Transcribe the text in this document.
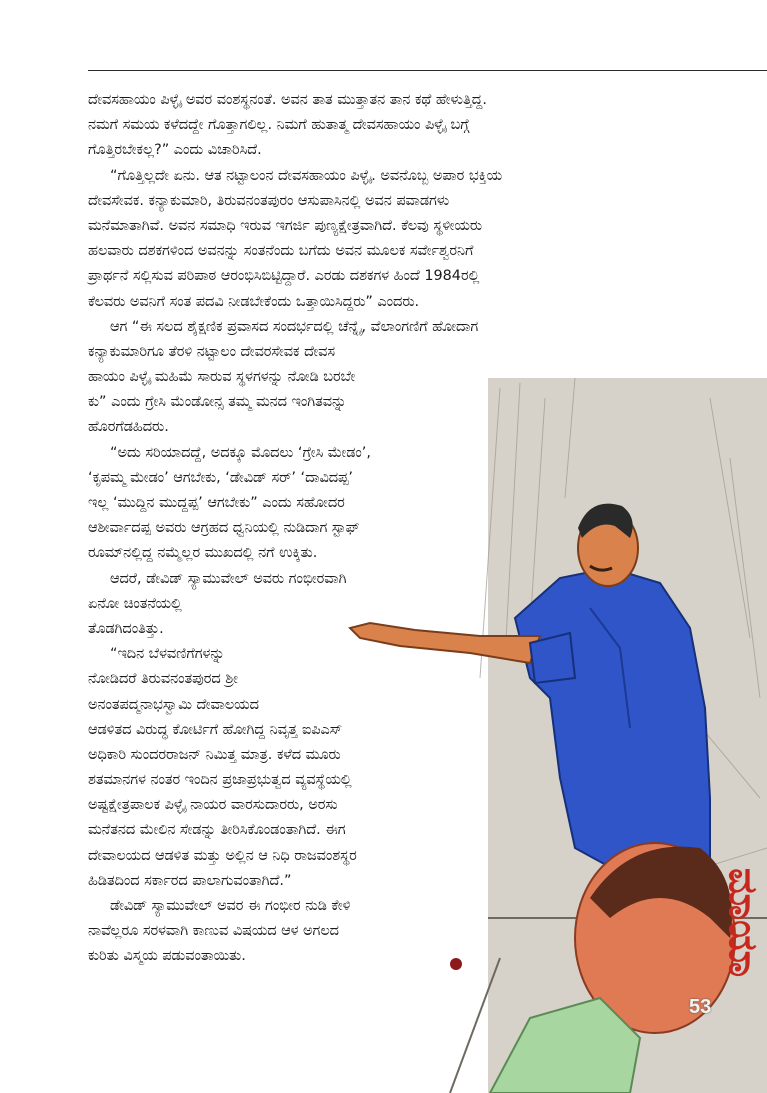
ದೇವಸಹಾಯಂ ಪಿಳ್ಳೈ ಅವರ ವಂಶಸ್ಥನಂತೆ. ಅವನ ತಾತ ಮುತ್ತಾತನ ತಾನ ಕಥೆ ಹೇಳುತ್ತಿದ್ದ.
ನಮಗೆ ಸಮಯ ಕಳೆದದ್ದೇ ಗೊತ್ತಾಗಲಿಲ್ಲ. ನಿಮಗೆ ಹುತಾತ್ಮ ದೇವಸಹಾಯಂ ಪಿಳ್ಳೈ ಬಗ್ಗೆ
ಗೊತ್ತಿರಬೇಕಲ್ಲ?” ಎಂದು ವಿಚಾರಿಸಿದೆ.
“ಗೊತ್ತಿಲ್ಲದೇ ಏನು. ಆತ ನಟ್ಟಾಲಂನ ದೇವಸಹಾಯಂ ಪಿಳ್ಳೈ. ಅವನೊಬ್ಬ ಅಪಾರ ಭಕ್ತಿಯ
ದೇವಸೇವಕ. ಕನ್ಯಾಕುಮಾರಿ, ತಿರುವನಂತಪುರಂ ಆಸುಪಾಸಿನಲ್ಲಿ ಅವನ ಪವಾಡಗಳು
ಮನೆಮಾತಾಗಿವೆ. ಅವನ ಸಮಾಧಿ ಇರುವ ಇಗರ್ಜಿ ಪುಣ್ಯಕ್ಷೇತ್ರವಾಗಿದೆ. ಕೆಲವು ಸ್ಥಳೀಯರು
ಹಲವಾರು ದಶಕಗಳಿಂದ ಅವನನ್ನು ಸಂತನೆಂದು ಬಗೆದು ಅವನ ಮೂಲಕ ಸರ್ವೇಶ್ವರನಿಗೆ
ಪ್ರಾರ್ಥನೆ ಸಲ್ಲಿಸುವ ಪರಿಪಾಠ ಆರಂಭಿಸಿಬಿಟ್ಟಿದ್ದಾರೆ. ಎರಡು ದಶಕಗಳ ಹಿಂದೆ 1984ರಲ್ಲಿ
ಕೆಲವರು ಅವನಿಗೆ ಸಂತ ಪದವಿ ನೀಡಬೇಕೆಂದು ಒತ್ತಾಯಿಸಿದ್ದರು” ಎಂದರು.
ಆಗ “ಈ ಸಲದ ಶೈಕ್ಷಣಿಕ ಪ್ರವಾಸದ ಸಂದರ್ಭದಲ್ಲಿ ಚೆನ್ನೈ, ವೆಲಾಂಗಣಿಗೆ ಹೋದಾಗ
ಕನ್ಯಾಕುಮಾರಿಗೂ ತೆರಳಿ ನಟ್ಟಾಲಂ ದೇವರಸೇವಕ ದೇವಸ
ಹಾಯಂ ಪಿಳ್ಳೈ ಮಹಿಮೆ ಸಾರುವ ಸ್ಥಳಗಳನ್ನು ನೋಡಿ ಬರಬೇ
ಕು” ಎಂದು ಗ್ರೇಸಿ ಮೆಂಡೋನ್ಸ ತಮ್ಮ ಮನದ ಇಂಗಿತವನ್ನು
ಹೊರಗೆಡಹಿದರು.
“ಅದು ಸರಿಯಾದದ್ದೆ, ಅದಕ್ಕೂ ಮೊದಲು ‘ಗ್ರೇಸಿ ಮೇಡಂ’,
‘ಕೃಪಮ್ಮ ಮೇಡಂ’ ಆಗಬೇಕು, ‘ಡೇವಿಡ್ ಸರ್’ ‘ದಾವಿದಪ್ಪ’
ಇಲ್ಲ ‘ಮುದ್ದಿನ ಮುದ್ದಪ್ಪ’ ಆಗಬೇಕು” ಎಂದು ಸಹೋದರ
ಆಶೀರ್ವಾದಪ್ಪ ಅವರು ಆಗ್ರಹದ ಧ್ವನಿಯಲ್ಲಿ ನುಡಿದಾಗ ಸ್ಟಾಫ್
ರೂಮ್‌ನಲ್ಲಿದ್ದ ನಮ್ಮೆಲ್ಲರ ಮುಖದಲ್ಲಿ ನಗೆ ಉಕ್ಕಿತು.
ಆದರೆ, ಡೇವಿಡ್ ಸ್ಯಾಮುವೇಲ್ ಅವರು ಗಂಭೀರವಾಗಿ
ಏನೋ ಚಿಂತನೆಯಲ್ಲಿ
ತೊಡಗಿದಂತಿತ್ತು.
“ಇದಿನ ಬೆಳವಣಿಗೆಗಳನ್ನು
ನೋಡಿದರೆ ತಿರುವನಂತಪುರದ ಶ್ರೀ
ಅನಂತಪದ್ಮನಾಭಸ್ವಾಮಿ ದೇವಾಲಯದ
ಆಡಳಿತದ ವಿರುದ್ಧ ಕೋರ್ಟಿಗೆ ಹೋಗಿದ್ದ ನಿವೃತ್ತ ಐಪಿಎಸ್
ಅಧಿಕಾರಿ ಸುಂದರರಾಜನ್ ನಿಮಿತ್ತ ಮಾತ್ರ. ಕಳೆದ ಮೂರು
ಶತಮಾನಗಳ ನಂತರ ಇಂದಿನ ಪ್ರಜಾಪ್ರಭುತ್ವದ ವ್ಯವಸ್ಥೆಯಲ್ಲಿ
ಅಷ್ಟಕ್ಷೇತ್ರಪಾಲಕ ಪಿಳ್ಳೈ ನಾಯರ ವಾರಸುದಾರರು, ಅರಸು
ಮನೆತನದ ಮೇಲಿನ ಸೇಡನ್ನು ತೀರಿಸಿಕೊಂಡಂತಾಗಿದೆ. ಈಗ
ದೇವಾಲಯದ ಆಡಳಿತ ಮತ್ತು ಅಲ್ಲಿನ ಆ ನಿಧಿ ರಾಜವಂಶಸ್ಥರ
ಹಿಡಿತದಿಂದ ಸರ್ಕಾರದ ಪಾಲಾಗುವಂತಾಗಿದೆ.”
ಡೇವಿಡ್ ಸ್ಯಾಮುವೇಲ್ ಅವರ ಈ ಗಂಭೀರ ನುಡಿ ಕೇಳಿ
ನಾವೆಲ್ಲರೂ ಸರಳವಾಗಿ ಕಾಣುವ ವಿಷಯದ ಆಳ ಅಗಲದ
ಕುರಿತು ವಿಸ್ಮಯ ಪಡುವಂತಾಯಿತು.	ಮಾಯಾ
53
